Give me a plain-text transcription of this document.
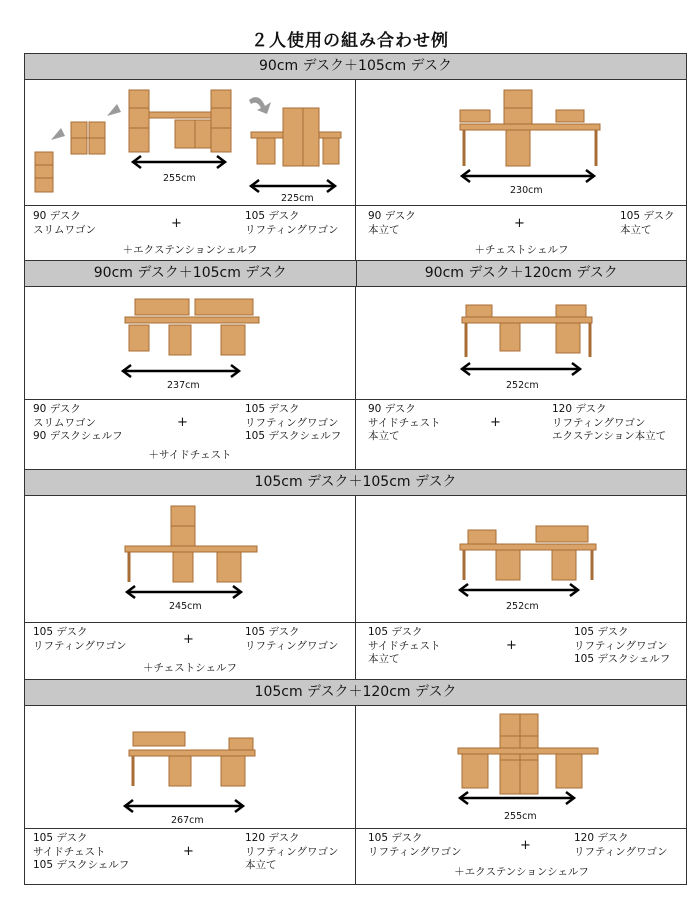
２人使用の組み合わせ例
90cm デスク＋105cm デスク
255cm
225cm
90 デスク
スリムワゴン	+	105 デスク
リフティングワゴン
＋エクステンションシェルフ
230cm
90 デスク
本立て	+	105 デスク
本立て
＋チェストシェルフ
90cm デスク＋105cm デスク	90cm デスク＋120cm デスク
237cm
90 デスク
スリムワゴン
90 デスクシェルフ
+
105 デスク
リフティングワゴン
105 デスクシェルフ
＋サイドチェスト
252cm
90 デスク
サイドチェスト
本立て
+
120 デスク
リフティングワゴン
エクステンション本立て
105cm デスク＋105cm デスク
245cm
105 デスク
リフティングワゴン	+	105 デスク
リフティングワゴン
＋チェストシェルフ
252cm
105 デスク
サイドチェスト
本立て
+
105 デスク
リフティングワゴン
105 デスクシェルフ
105cm デスク＋120cm デスク
267cm
105 デスク
サイドチェスト
105 デスクシェルフ
+
120 デスク
リフティングワゴン
本立て
255cm
105 デスク
リフティングワゴン	+	120 デスク
リフティングワゴン
＋エクステンションシェルフ
